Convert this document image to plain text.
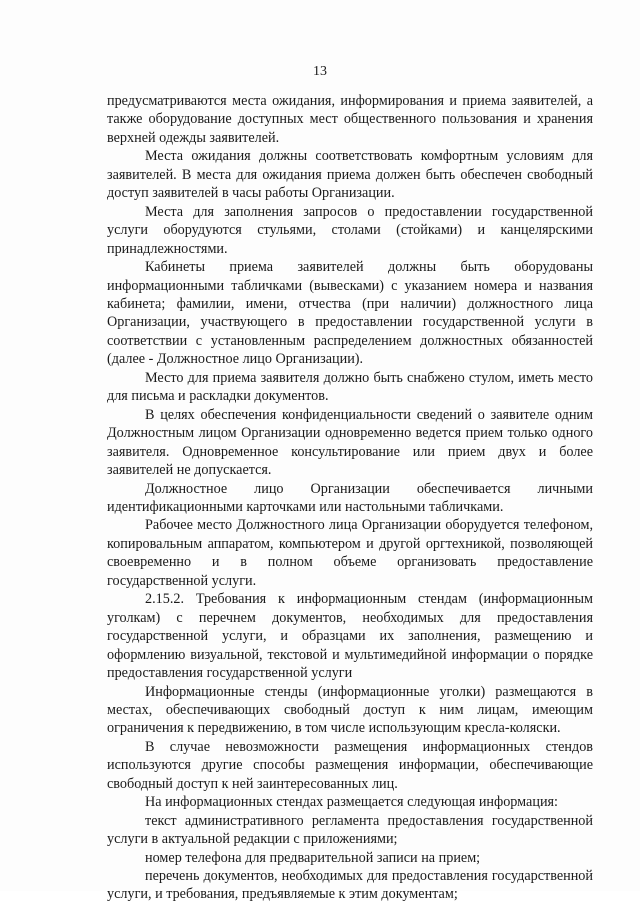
13

предусматриваются места ожидания, информирования и приема заявителей, а также оборудование доступных мест общественного пользования и хранения верхней одежды заявителей.

Места ожидания должны соответствовать комфортным условиям для заявителей. В места для ожидания приема должен быть обеспечен свободный доступ заявителей в часы работы Организации.

Места для заполнения запросов о предоставлении государственной услуги оборудуются стульями, столами (стойками) и канцелярскими принадлежностями.

Кабинеты приема заявителей должны быть оборудованы информационными табличками (вывесками) с указанием номера и названия кабинета; фамилии, имени, отчества (при наличии) должностного лица Организации, участвующего в предоставлении государственной услуги в соответствии с установленным распределением должностных обязанностей (далее - Должностное лицо Организации).

Место для приема заявителя должно быть снабжено стулом, иметь место для письма и раскладки документов.

В целях обеспечения конфиденциальности сведений о заявителе одним Должностным лицом Организации одновременно ведется прием только одного заявителя. Одновременное консультирование или прием двух и более заявителей не допускается.

Должностное лицо Организации обеспечивается личными идентификационными карточками или настольными табличками.

Рабочее место Должностного лица Организации оборудуется телефоном, копировальным аппаратом, компьютером и другой оргтехникой, позволяющей своевременно и в полном объеме организовать предоставление государственной услуги.

2.15.2. Требования к информационным стендам (информационным уголкам) с перечнем документов, необходимых для предоставления государственной услуги, и образцами их заполнения, размещению и оформлению визуальной, текстовой и мультимедийной информации о порядке предоставления государственной услуги

Информационные стенды (информационные уголки) размещаются в местах, обеспечивающих свободный доступ к ним лицам, имеющим ограничения к передвижению, в том числе использующим кресла-коляски.

В случае невозможности размещения информационных стендов используются другие способы размещения информации, обеспечивающие свободный доступ к ней заинтересованных лиц.

На информационных стендах размещается следующая информация:

текст административного регламента предоставления государственной услуги в актуальной редакции с приложениями;

номер телефона для предварительной записи на прием;

перечень документов, необходимых для предоставления государственной услуги, и требования, предъявляемые к этим документам;
